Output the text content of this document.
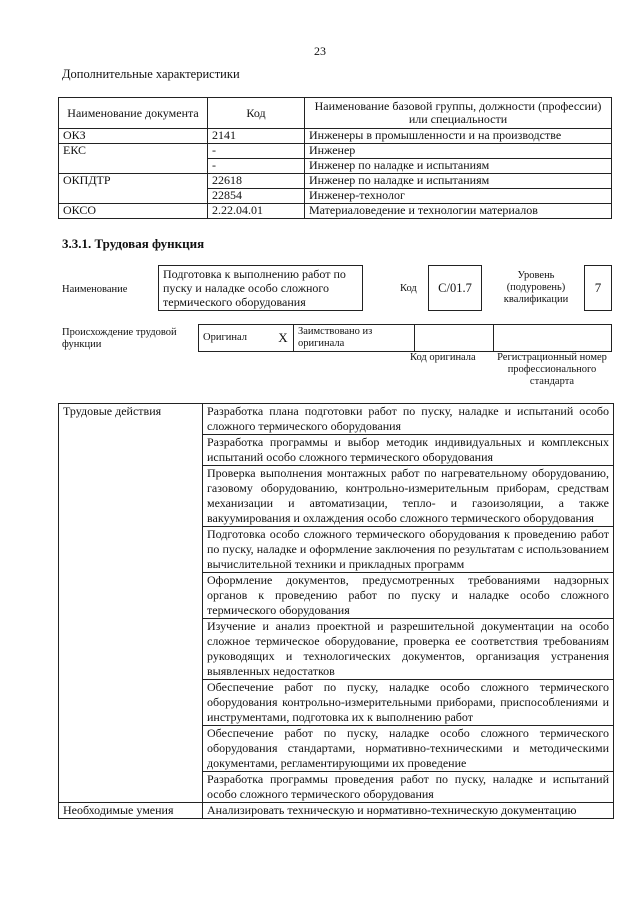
23
Дополнительные характеристики
Наименование документа	Код	Наименование базовой группы, должности (профессии) или специальности
ОКЗ	2141	Инженеры в промышленности и на производстве
ЕКС	-	Инженер
	-	Инженер по наладке и испытаниям
ОКПДТР	22618	Инженер по наладке и испытаниям
	22854	Инженер-технолог
ОКСО	2.22.04.01	Материаловедение и технологии материалов
3.3.1. Трудовая функция
Наименование
Подготовка к выполнению работ по пуску и наладке особо сложного термического оборудования
Код	C/01.7
Уровень (подуровень) квалификации
7
Происхождение трудовой функции
Оригинал	X	Заимствовано из оригинала		
Код оригинала	Регистрационный номер профессионального стандарта
Трудовые действия	Разработка плана подготовки работ по пуску, наладке и испытаний особо сложного термического оборудования
	Разработка программы и выбор методик индивидуальных и комплексных испытаний особо сложного термического оборудования
	Проверка выполнения монтажных работ по нагревательному оборудованию, газовому оборудованию, контрольно-измерительным приборам, средствам механизации и автоматизации, тепло- и газоизоляции, а также вакуумирования и охлаждения особо сложного термического оборудования
	Подготовка особо сложного термического оборудования к проведению работ по пуску, наладке и оформление заключения по результатам с использованием вычислительной техники и прикладных программ
	Оформление документов, предусмотренных требованиями надзорных органов к проведению работ по пуску и наладке особо сложного термического оборудования
	Изучение и анализ проектной и разрешительной документации на особо сложное термическое оборудование, проверка ее соответствия требованиям руководящих и технологических документов, организация устранения выявленных недостатков
	Обеспечение работ по пуску, наладке особо сложного термического оборудования контрольно-измерительными приборами, приспособлениями и инструментами, подготовка их к выполнению работ
	Обеспечение работ по пуску, наладке особо сложного термического оборудования стандартами, нормативно-техническими и методическими документами, регламентирующими их проведение
	Разработка программы проведения работ по пуску, наладке и испытаний особо сложного термического оборудования
Необходимые умения	Анализировать техническую и нормативно-техническую документацию
